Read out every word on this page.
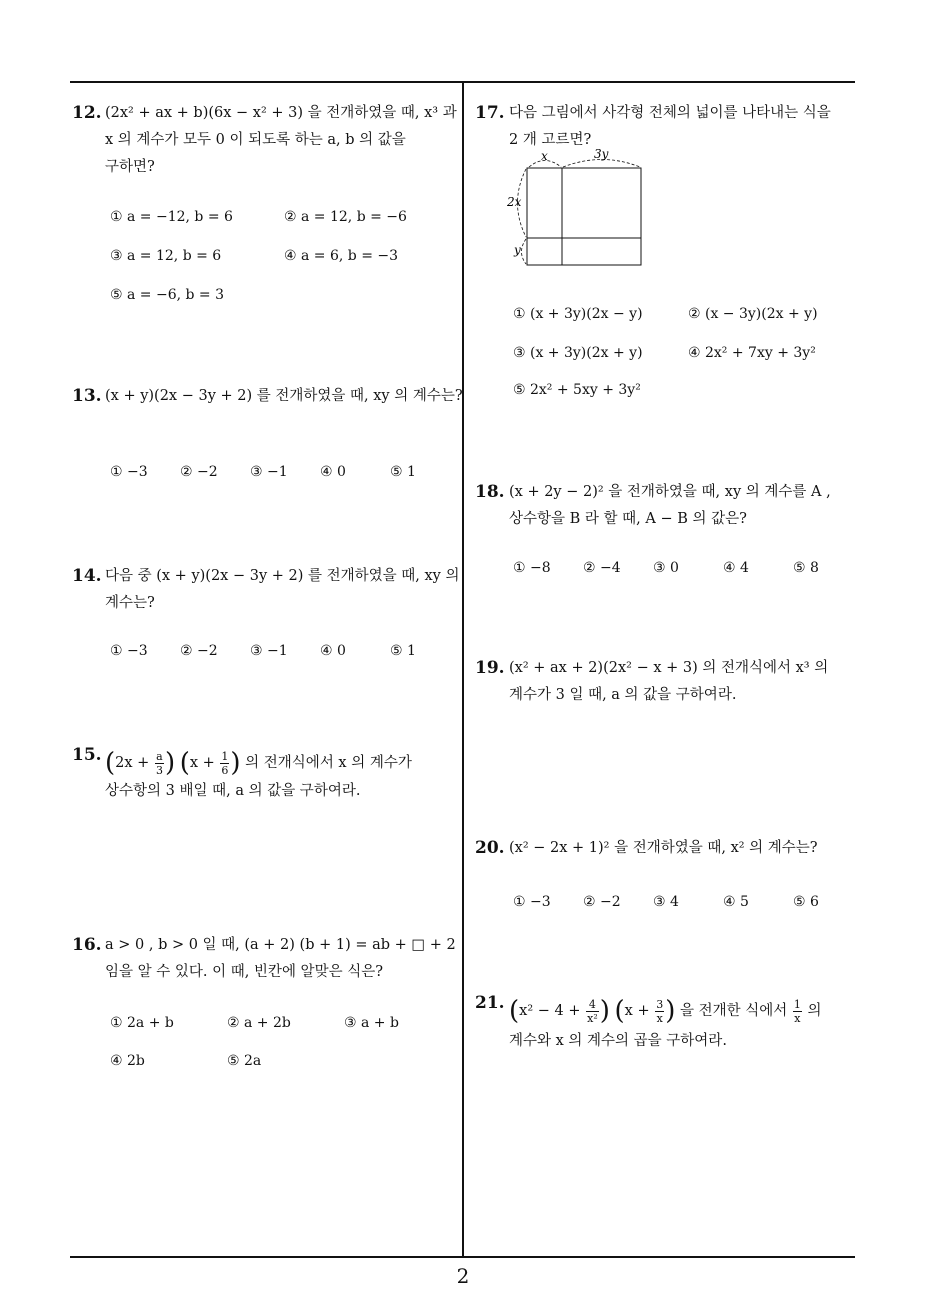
2
12. (2x² + ax + b)(6x − x² + 3) 을 전개하였을 때, x³ 과
x 의 계수가 모두 0 이 되도록 하는 a, b 의 값을
구하면?
① a = −12, b = 6	② a = 12, b = −6
③ a = 12, b = 6	④ a = 6, b = −3
⑤ a = −6, b = 3
13. (x + y)(2x − 3y + 2) 를 전개하였을 때, xy 의 계수는?
① −3 ② −2 ③ −1 ④ 0	⑤ 1
14. 다음 중 (x + y)(2x − 3y + 2) 를 전개하였을 때, xy 의
계수는?
① −3 ② −2 ③ −1 ④ 0	⑤ 1
15. ($2x + \frac{a}{3}$ ) ($x + \frac{1}{6}$ ) 의 전개식에서 x 의 계수가
상수항의 3 배일 때, a 의 값을 구하여라.
16. a > 0 , b > 0 일 때, (a + 2) (b + 1) = ab + □ + 2
임을 알 수 있다. 이 때, 빈칸에 알맞은 식은?
① 2a + b	② a + 2b	③ a + b
④ 2b	⑤ 2a
17. 다음 그림에서 사각형 전체의 넓이를 나타내는 식을
2 개 고르면?
x	3y
2x
y
① (x + 3y)(2x − y)	② (x − 3y)(2x + y)
③ (x + 3y)(2x + y)	④ 2x² + 7xy + 3y²
⑤ 2x² + 5xy + 3y²
18. (x + 2y − 2)² 을 전개하였을 때, xy 의 계수를 A ,
상수항을 B 라 할 때, A − B 의 값은?
① −8 ② −4 ③ 0	④ 4	⑤ 8
19. (x² + ax + 2)(2x² − x + 3) 의 전개식에서 x³ 의
계수가 3 일 때, a 의 값을 구하여라.
20. (x² − 2x + 1)² 을 전개하였을 때, x² 의 계수는?
① −3 ② −2 ③ 4	④ 5	⑤ 6
21. ($x^2 - 4 + \frac{4}{\text{x²}}$ ) ($x + \frac{3}{x}$ ) 을 전개한 식에서 $\frac{1}{x}$ 의
계수와 x 의 계수의 곱을 구하여라.
